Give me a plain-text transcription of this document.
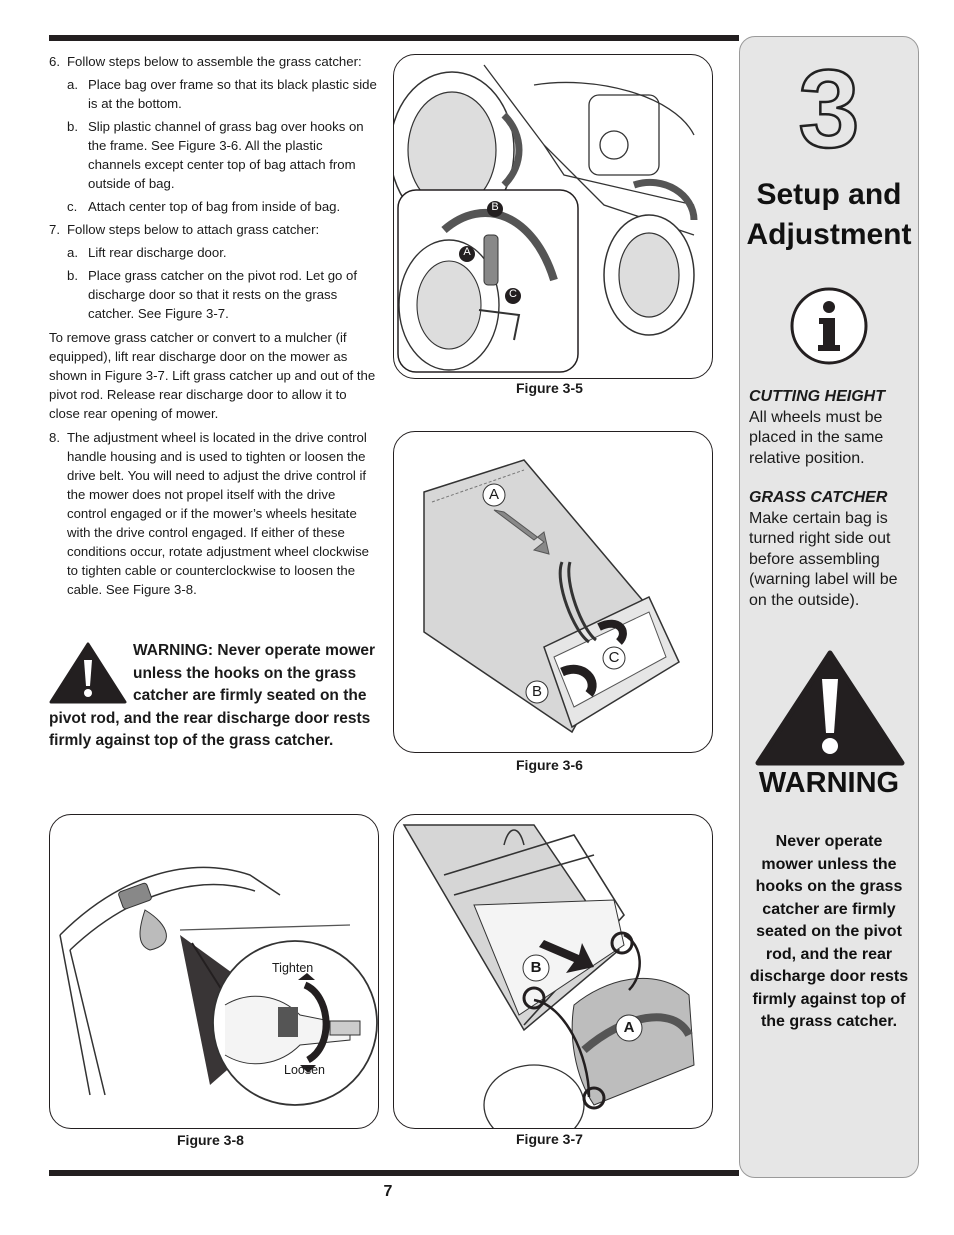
6. Follow steps below to assemble the grass catcher:
a. Place bag over frame so that its black plastic side is at the bottom.
b. Slip plastic channel of grass bag over hooks on the frame. See Figure 3-6. All the plastic channels except center top of bag attach from outside of bag.
c. Attach center top of bag from inside of bag.
7. Follow steps below to attach grass catcher:
a. Lift rear discharge door.
b. Place grass catcher on the pivot rod. Let go of discharge door so that it rests on the grass catcher. See Figure 3-7.

To remove grass catcher or convert to a mulcher (if equipped), lift rear discharge door on the mower as shown in Figure 3-7. Lift grass catcher up and out of the pivot rod. Release rear discharge door to allow it to close rear opening of mower.

8. The adjustment wheel is located in the drive control handle housing and is used to tighten or loosen the drive belt. You will need to adjust the drive control if the mower does not propel itself with the drive control engaged or if the mower’s wheels hesitate with the drive control engaged. If either of these conditions occur, rotate adjustment wheel clockwise to tighten cable or counterclockwise to loosen the cable. See Figure 3-8.
WARNING: Never operate mower unless the hooks on the grass catcher are firmly seated on the pivot rod, and the rear discharge door rests firmly against top of the grass catcher.
B
A
C
Figure 3-5
A
C
B
Figure 3-6
Tighten
Loosen
Figure 3-8
B
A
Figure 3-7
7
3
Setup and
Adjustment
CUTTING HEIGHT
All wheels must be placed in the same relative position.
GRASS CATCHER
Make certain bag is turned right side out before assembling (warning label will be on the outside).
WARNING
Never operate mower unless the hooks on the grass catcher are firmly seated on the pivot rod, and the rear discharge door rests firmly against top of the grass catcher.
